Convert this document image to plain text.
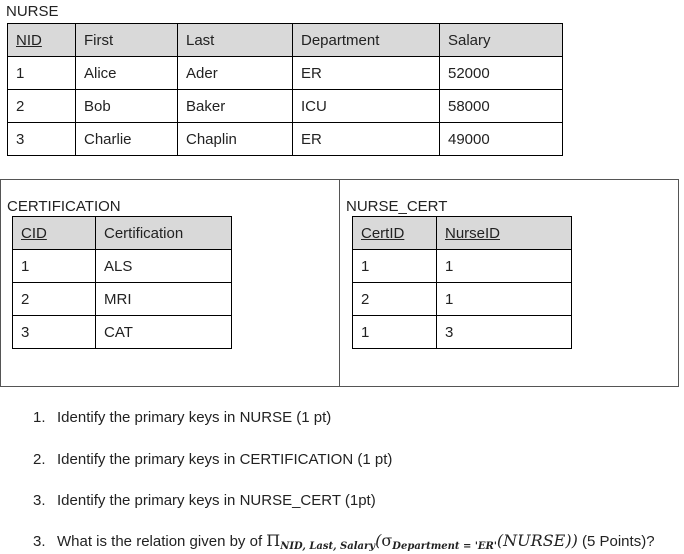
NURSE
NID	First	Last	Department	Salary
1	Alice	Ader	ER	52000
2	Bob	Baker	ICU	58000
3	Charlie	Chaplin	ER	49000
CERTIFICATION
CID	Certification
1	ALS
2	MRI
3	CAT
NURSE_CERT
CertID	NurseID
1	1
2	1
1	3
1. Identify the primary keys in NURSE (1 pt)
2. Identify the primary keys in CERTIFICATION (1 pt)
3. Identify the primary keys in NURSE_CERT (1pt)
3. What is the relation given by of $\Pi_{NID, Last, Salary}(\sigma_{Department = 'ER'}(NURSE))$ (5 Points)?
